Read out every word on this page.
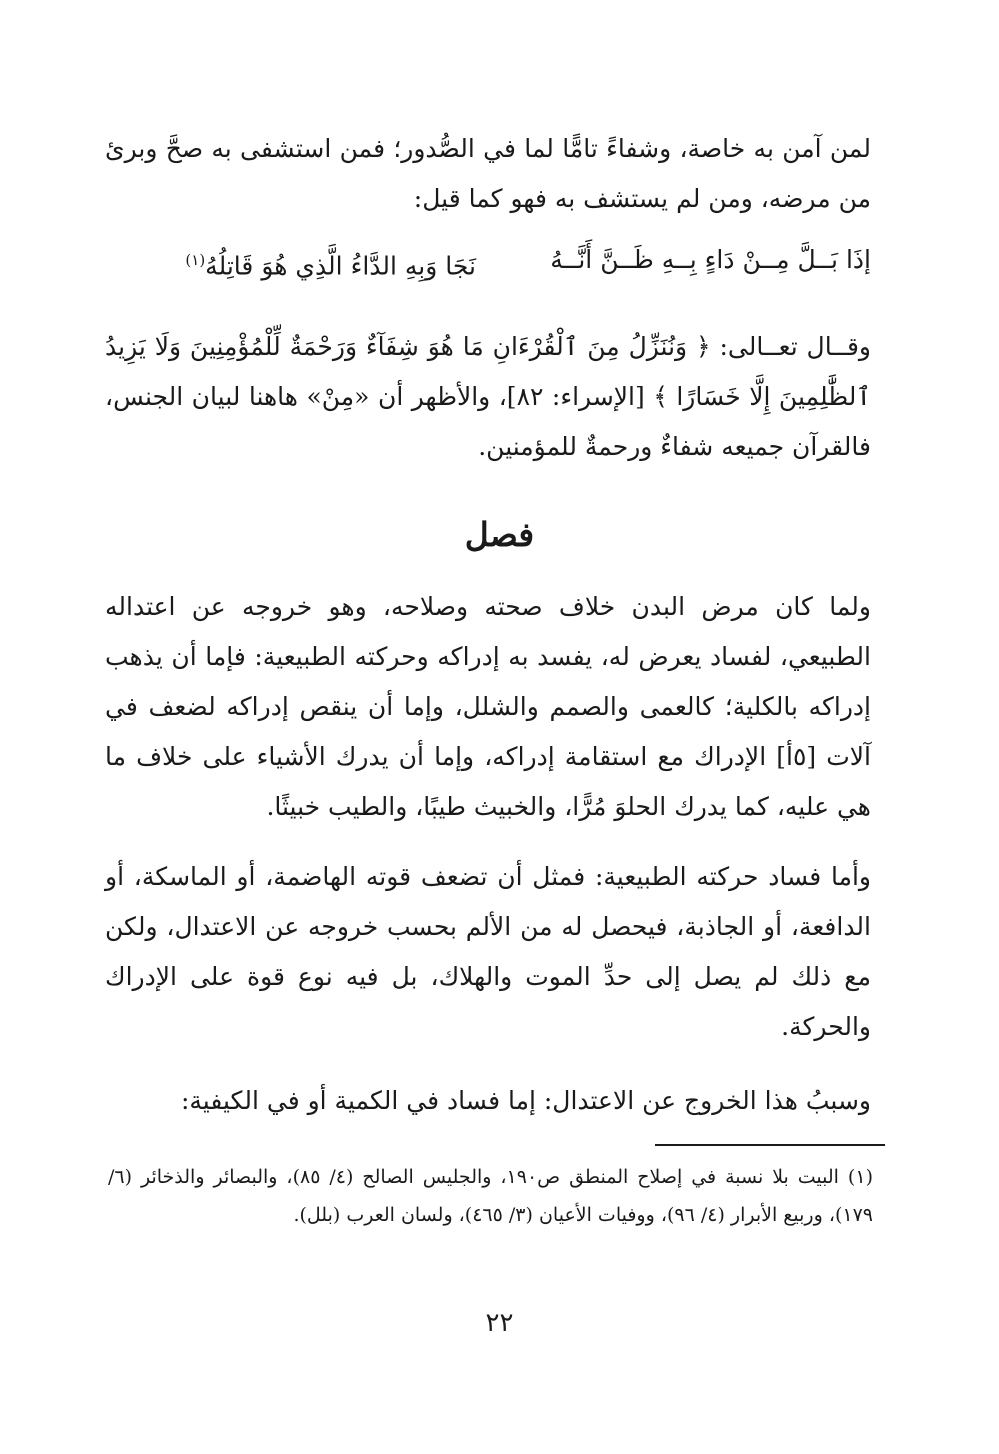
لمن آمن به خاصة، وشفاءً تامًّا لما في الصُّدور؛ فمن استشفى به صحَّ وبرئ من مرضه، ومن لم يستشف به فهو كما قيل:
إذَا بَــلَّ مِــنْ دَاءٍ بِــهِ ظَــنَّ أَنَّــهُ
نَجَا وَبِهِ الدَّاءُ الَّذِي هُوَ قَاتِلُهُ$^{(١)}$
وقــال تعــالى: ﴿ وَنُنَزِّلُ مِنَ ٱلْقُرْءَانِ مَا هُوَ شِفَآءٌ وَرَحْمَةٌ لِّلْمُؤْمِنِينَ وَلَا يَزِيدُ ٱلظَّٰلِمِينَ إِلَّا خَسَارًا ﴾ [الإسراء: ٨٢]، والأظهر أن «مِنْ» هاهنا لبيان الجنس، فالقرآن جميعه شفاءٌ ورحمةٌ للمؤمنين.
فصل
ولما كان مرض البدن خلاف صحته وصلاحه، وهو خروجه عن اعتداله الطبيعي، لفساد يعرض له، يفسد به إدراكه وحركته الطبيعية: فإما أن يذهب إدراكه بالكلية؛ كالعمى والصمم والشلل، وإما أن ينقص إدراكه لضعف في آلات [٥أ] الإدراك مع استقامة إدراكه، وإما أن يدرك الأشياء على خلاف ما هي عليه، كما يدرك الحلوَ مُرًّا، والخبيث طيبًا، والطيب خبيثًا.
وأما فساد حركته الطبيعية: فمثل أن تضعف قوته الهاضمة، أو الماسكة، أو الدافعة، أو الجاذبة، فيحصل له من الألم بحسب خروجه عن الاعتدال، ولكن مع ذلك لم يصل إلى حدِّ الموت والهلاك، بل فيه نوع قوة على الإدراك والحركة.
وسببُ هذا الخروج عن الاعتدال: إما فساد في الكمية أو في الكيفية:
(١) البيت بلا نسبة في إصلاح المنطق ص١٩٠، والجليس الصالح (٤/ ٨٥)، والبصائر والذخائر (٦/ ١٧٩)، وربيع الأبرار (٤/ ٩٦)، ووفيات الأعيان (٣/ ٤٦٥)، ولسان العرب (بلل).
٢٢
